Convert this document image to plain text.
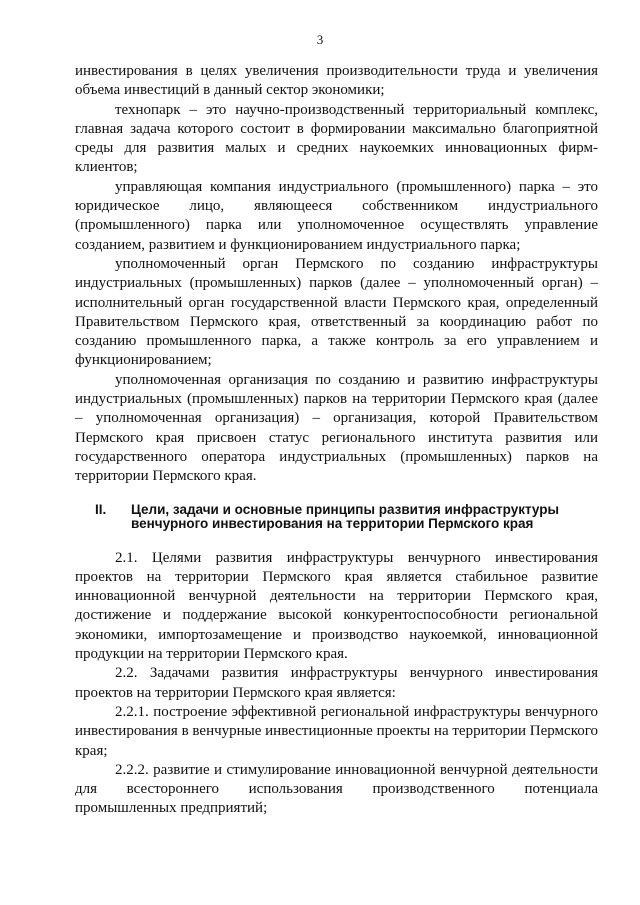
3

инвестирования в целях увеличения производительности труда и увеличения объема инвестиций в данный сектор экономики;

технопарк – это научно-производственный территориальный комплекс, главная задача которого состоит в формировании максимально благоприятной среды для развития малых и средних наукоемких инновационных фирм-клиентов;

управляющая компания индустриального (промышленного) парка – это юридическое лицо, являющееся собственником индустриального (промышленного) парка или уполномоченное осуществлять управление созданием, развитием и функционированием индустриального парка;

уполномоченный орган Пермского по созданию инфраструктуры индустриальных (промышленных) парков (далее – уполномоченный орган) – исполнительный орган государственной власти Пермского края, определенный Правительством Пермского края, ответственный за координацию работ по созданию промышленного парка, а также контроль за его управлением и функционированием;

уполномоченная организация по созданию и развитию инфраструктуры индустриальных (промышленных) парков на территории Пермского края (далее – уполномоченная организация) – организация, которой Правительством Пермского края присвоен статус регионального института развития или государственного оператора индустриальных (промышленных) парков на территории Пермского края.

II. Цели, задачи и основные принципы развития инфраструктуры
венчурного инвестирования на территории Пермского края

2.1. Целями развития инфраструктуры венчурного инвестирования проектов на территории Пермского края является стабильное развитие инновационной венчурной деятельности на территории Пермского края, достижение и поддержание высокой конкурентоспособности региональной экономики, импортозамещение и производство наукоемкой, инновационной продукции на территории Пермского края.

2.2. Задачами развития инфраструктуры венчурного инвестирования проектов на территории Пермского края является:

2.2.1. построение эффективной региональной инфраструктуры венчурного инвестирования в венчурные инвестиционные проекты на территории Пермского края;

2.2.2. развитие и стимулирование инновационной венчурной деятельности для всестороннего использования производственного потенциала промышленных предприятий;
